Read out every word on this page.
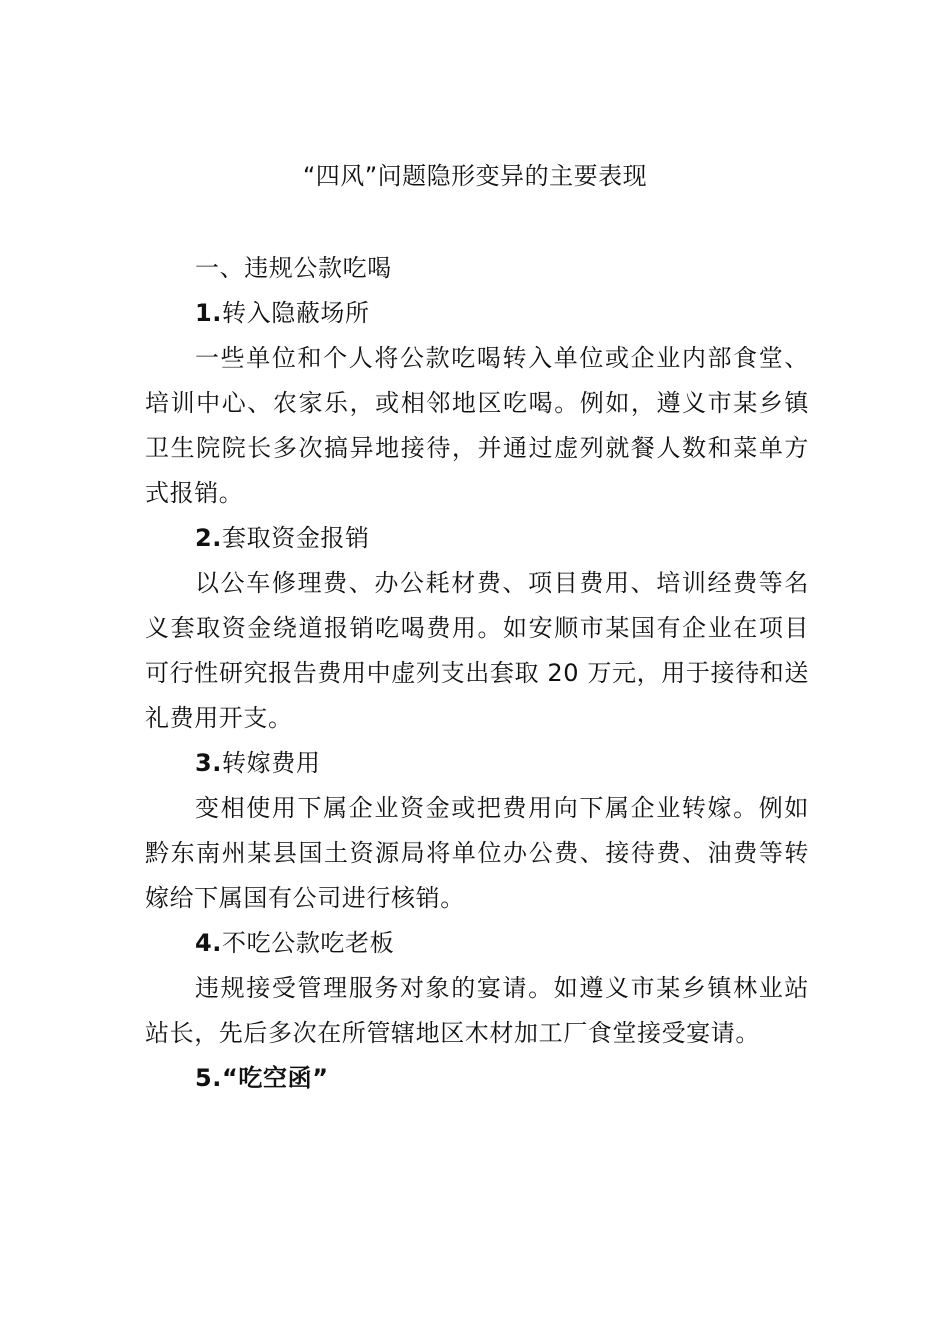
“四风”问题隐形变异的主要表现

一、违规公款吃喝

1.转入隐蔽场所

一些单位和个人将公款吃喝转入单位或企业内部食堂、培训中心、农家乐，或相邻地区吃喝。例如，遵义市某乡镇卫生院院长多次搞异地接待，并通过虚列就餐人数和菜单方式报销。

2.套取资金报销

以公车修理费、办公耗材费、项目费用、培训经费等名义套取资金绕道报销吃喝费用。如安顺市某国有企业在项目可行性研究报告费用中虚列支出套取 20 万元，用于接待和送礼费用开支。

3.转嫁费用

变相使用下属企业资金或把费用向下属企业转嫁。例如黔东南州某县国土资源局将单位办公费、接待费、油费等转嫁给下属国有公司进行核销。

4.不吃公款吃老板

违规接受管理服务对象的宴请。如遵义市某乡镇林业站站长，先后多次在所管辖地区木材加工厂食堂接受宴请。

5.“吃空函”
